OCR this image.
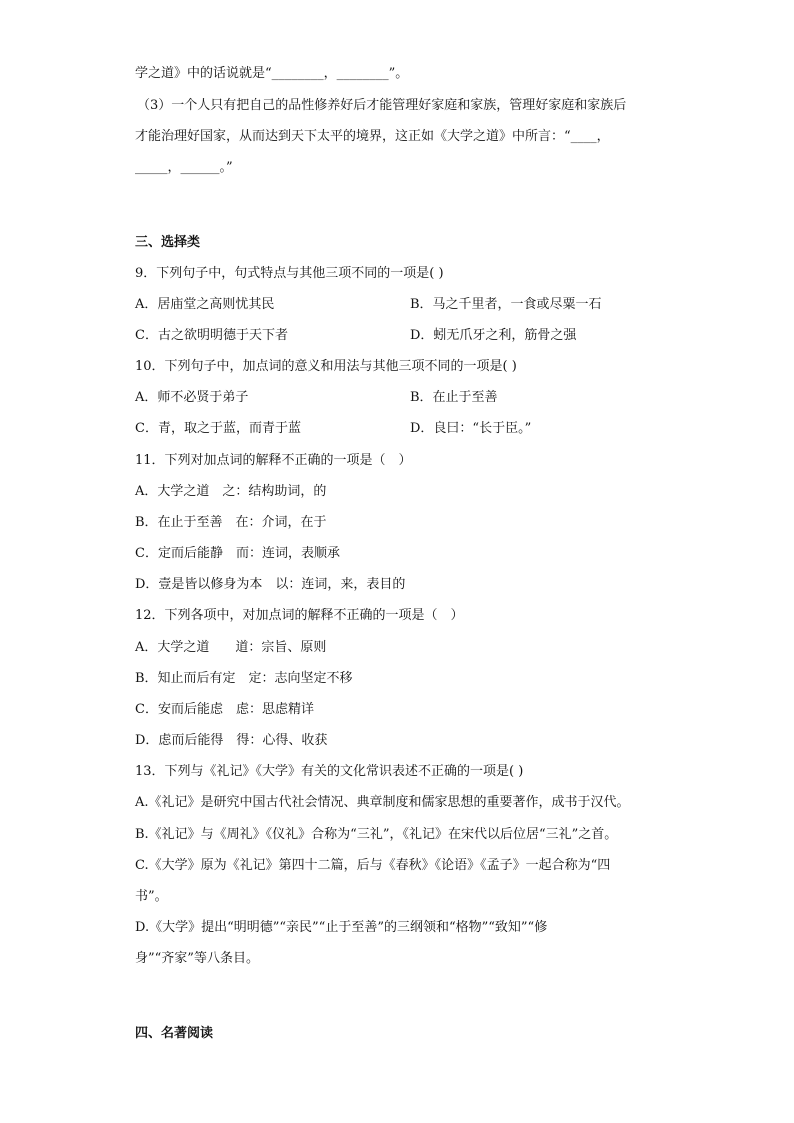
学之道》中的话说就是“________，________”。
（3）一个人只有把自己的品性修养好后才能管理好家庭和家族，管理好家庭和家族后
才能治理好国家，从而达到天下太平的境界，这正如《大学之道》中所言：“____，
_____，______。”
三、选择类
9．下列句子中，句式特点与其他三项不同的一项是( )
A．居庙堂之高则忧其民	B．马之千里者，一食或尽粟一石
C．古之欲明明德于天下者	D．蚓无爪牙之利，筋骨之强
10．下列句子中，加点词的意义和用法与其他三项不同的一项是( )
A．师不必贤于弟子	B．在止于至善
C．青，取之于蓝，而青于蓝	D．良曰：“长于臣。”
11．下列对加点词的解释不正确的一项是（　）
A．大学之道　之：结构助词，的
B．在止于至善　在：介词，在于
C．定而后能静　而：连词，表顺承
D．壹是皆以修身为本　以：连词，来，表目的
12．下列各项中，对加点词的解释不正确的一项是（　）
A．大学之道　　道：宗旨、原则
B．知止而后有定　定：志向坚定不移
C．安而后能虑　虑：思虑精详
D．虑而后能得　得：心得、收获
13．下列与《礼记》《大学》有关的文化常识表述不正确的一项是( )
A.《礼记》是研究中国古代社会情况、典章制度和儒家思想的重要著作，成书于汉代。
B.《礼记》与《周礼》《仪礼》合称为“三礼”，《礼记》在宋代以后位居“三礼”之首。
C.《大学》原为《礼记》第四十二篇，后与《春秋》《论语》《孟子》一起合称为“四
书”。
D.《大学》提出“明明德”“亲民”“止于至善”的三纲领和“格物”“致知”“修
身”“齐家”等八条目。
四、名著阅读
